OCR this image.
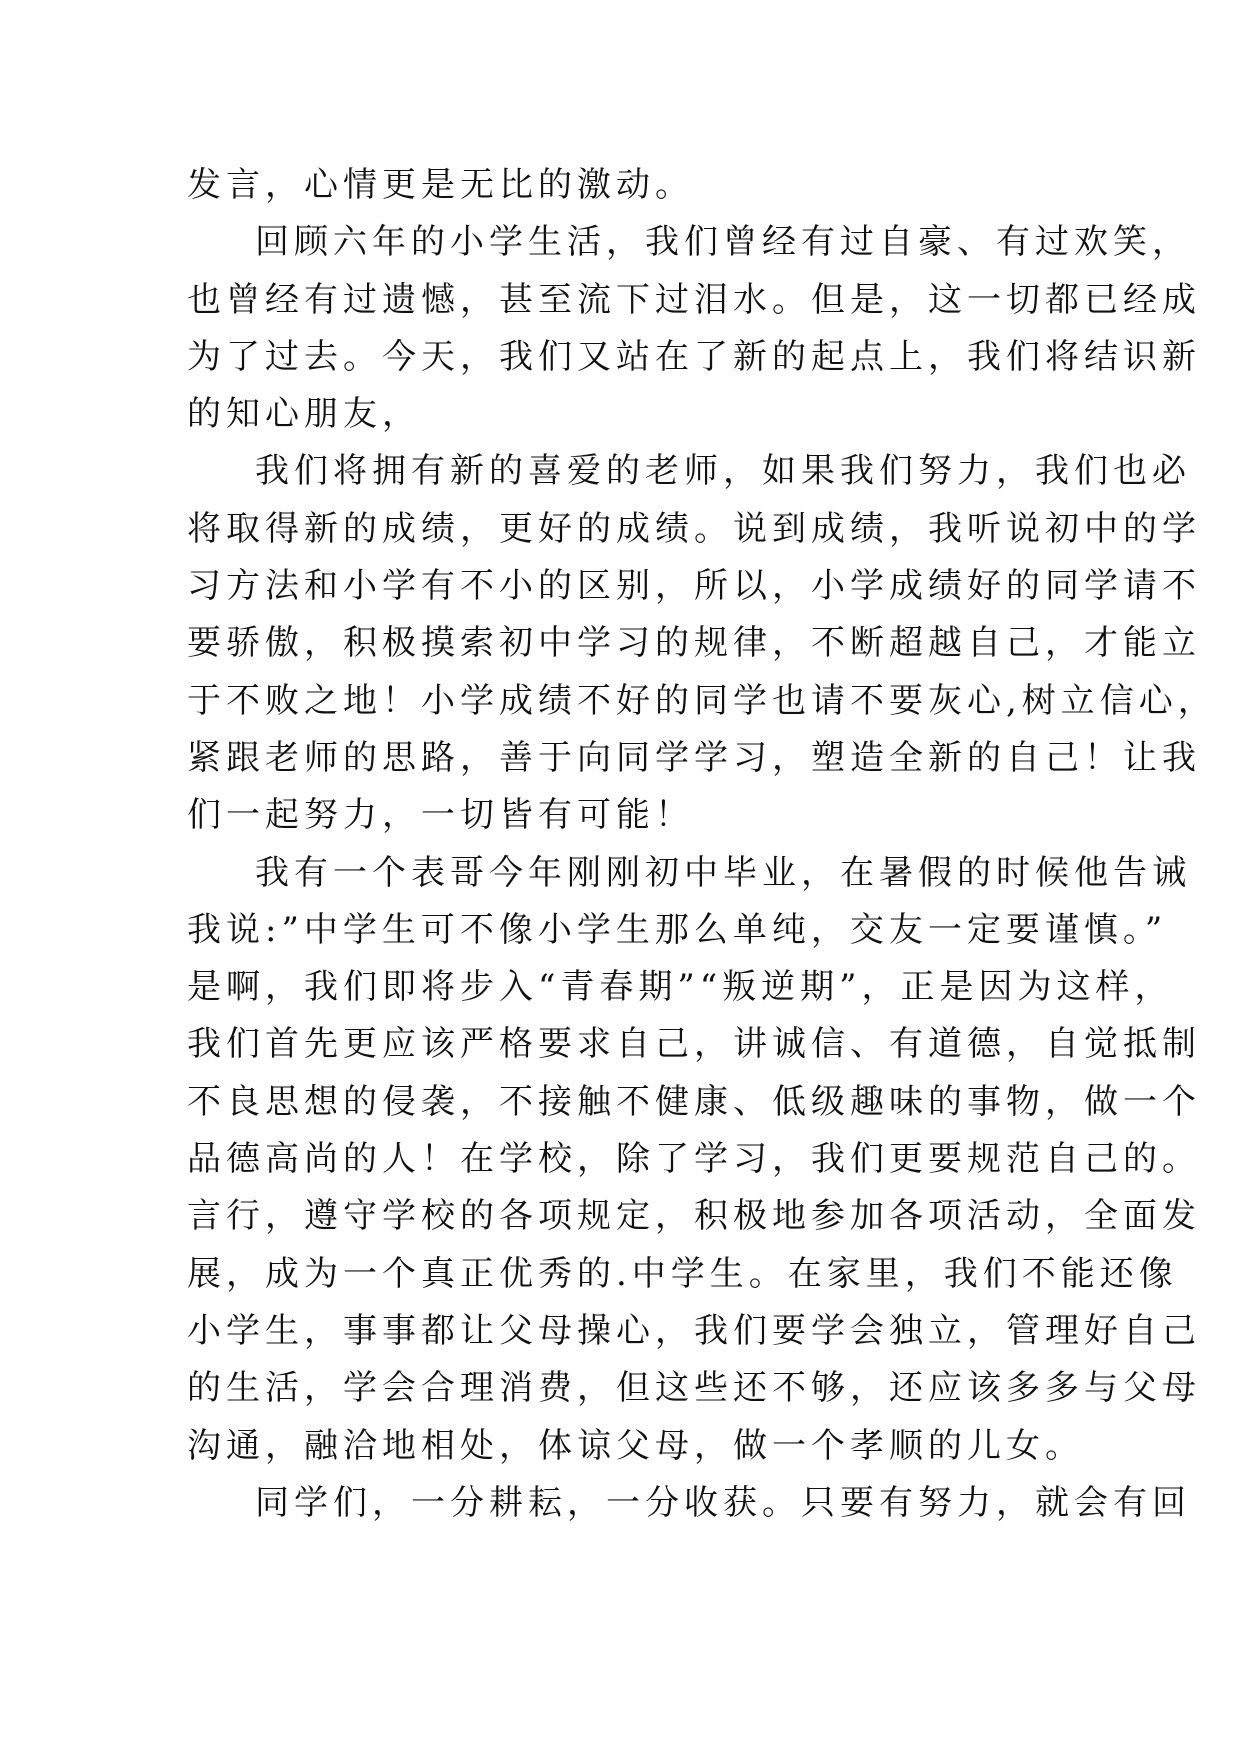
发言，心情更是无比的激动。
回顾六年的小学生活，我们曾经有过自豪、有过欢笑，
也曾经有过遗憾，甚至流下过泪水。但是，这一切都已经成
为了过去。今天，我们又站在了新的起点上，我们将结识新
的知心朋友，
我们将拥有新的喜爱的老师，如果我们努力，我们也必
将取得新的成绩，更好的成绩。说到成绩，我听说初中的学
习方法和小学有不小的区别，所以，小学成绩好的同学请不
要骄傲，积极摸索初中学习的规律，不断超越自己，才能立
于不败之地！小学成绩不好的同学也请不要灰心,树立信心，
紧跟老师的思路，善于向同学学习，塑造全新的自己！让我
们一起努力，一切皆有可能！
我有一个表哥今年刚刚初中毕业，在暑假的时候他告诫
我说:”中学生可不像小学生那么单纯，交友一定要谨慎。”
是啊，我们即将步入“青春期”“叛逆期”，正是因为这样，
我们首先更应该严格要求自己，讲诚信、有道德，自觉抵制
不良思想的侵袭，不接触不健康、低级趣味的事物，做一个
品德高尚的人！在学校，除了学习，我们更要规范自己的。
言行，遵守学校的各项规定，积极地参加各项活动，全面发
展，成为一个真正优秀的.中学生。在家里，我们不能还像
小学生，事事都让父母操心，我们要学会独立，管理好自己
的生活，学会合理消费，但这些还不够，还应该多多与父母
沟通，融洽地相处，体谅父母，做一个孝顺的儿女。
同学们，一分耕耘，一分收获。只要有努力，就会有回
